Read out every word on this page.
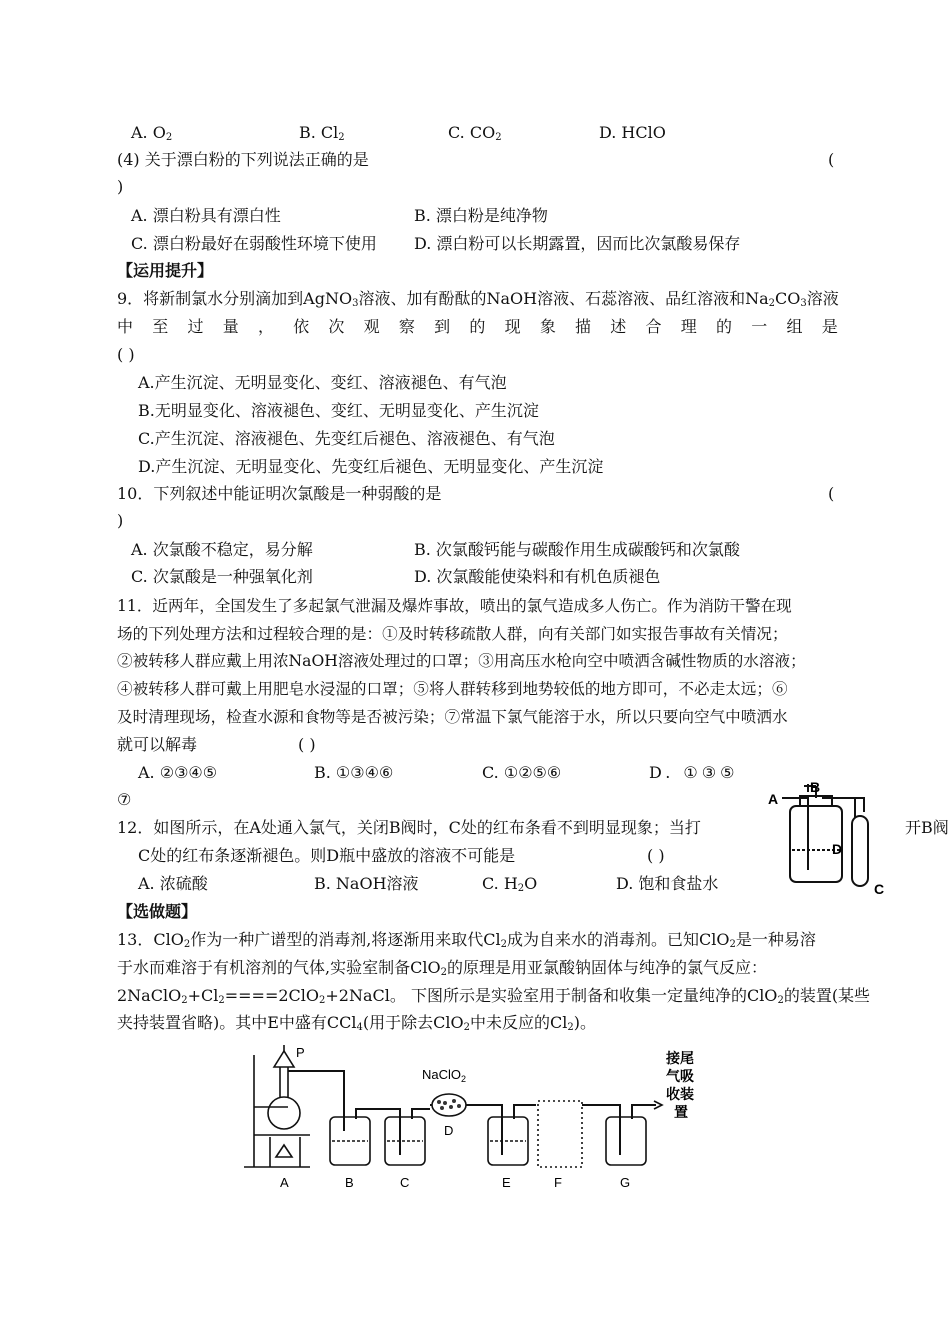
A. $O_2$	B. $Cl_2$	C. $CO_2$	D. HClO
(4) 关于漂白粉的下列说法正确的是	(
)
A. 漂白粉具有漂白性	B. 漂白粉是纯净物
C. 漂白粉最好在弱酸性环境下使用 D. 漂白粉可以长期露置，因而比次氯酸易保存
【运用提升】
9．将新制氯水分别滴加到AgNO$_3$溶液、加有酚酞的NaOH溶液、石蕊溶液、品红溶液和$Na_2CO_3$溶液
中 至 过 量 ， 依 次 观 察 到 的 现 象 描 述 合 理 的 一 组 是
( )
A.产生沉淀、无明显变化、变红、溶液褪色、有气泡
B.无明显变化、溶液褪色、变红、无明显变化、产生沉淀
C.产生沉淀、溶液褪色、先变红后褪色、溶液褪色、有气泡
D.产生沉淀、无明显变化、先变红后褪色、无明显变化、产生沉淀
10．下列叙述中能证明次氯酸是一种弱酸的是	(
)
A. 次氯酸不稳定，易分解	B. 次氯酸钙能与碳酸作用生成碳酸钙和次氯酸
C. 次氯酸是一种强氧化剂	D. 次氯酸能使染料和有机色质褪色
11．近两年，全国发生了多起氯气泄漏及爆炸事故，喷出的氯气造成多人伤亡。作为消防干警在现
场的下列处理方法和过程较合理的是：①及时转移疏散人群，向有关部门如实报告事故有关情况；
②被转移人群应戴上用浓NaOH溶液处理过的口罩；③用高压水枪向空中喷洒含碱性物质的水溶液；
④被转移人群可戴上用肥皂水浸湿的口罩；⑤将人群转移到地势较低的地方即可，不必走太远；⑥
及时清理现场，检查水源和食物等是否被污染；⑦常温下氯气能溶于水，所以只要向空气中喷洒水
就可以解毒	( )
A. ②③④⑤	B. ①③④⑥	C. ①②⑤⑥	D. ①③⑤
⑦
12．如图所示，在A处通入氯气，关闭B阀时，C处的红布条看不到明显现象；当打	开B阀
C处的红布条逐渐褪色。则D瓶中盛放的溶液不可能是	( )
A. 浓硫酸	B. NaOH溶液	C. $H_2O$	D. 饱和食盐水
A
B
C
D
【选做题】
13．ClO$_2$作为一种广谱型的消毒剂,将逐渐用来取代$Cl_2$成为自来水的消毒剂。已知ClO$_2$是一种易溶
于水而难溶于有机溶剂的气体,实验室制备ClO$_2$的原理是用亚氯酸钠固体与纯净的氯气反应：
$2NaClO_2+Cl_2====2ClO_2+2NaCl$。 下图所示是实验室用于制备和收集一定量纯净的ClO$_2$的装置(某些
夹持装置省略)。其中E中盛有CCl$_4$(用于除去ClO$_2$中未反应的$Cl_2$)。
P
NaClO$_2$
A	B	C
D
E	F	G
接尾
气吸
收装
置
